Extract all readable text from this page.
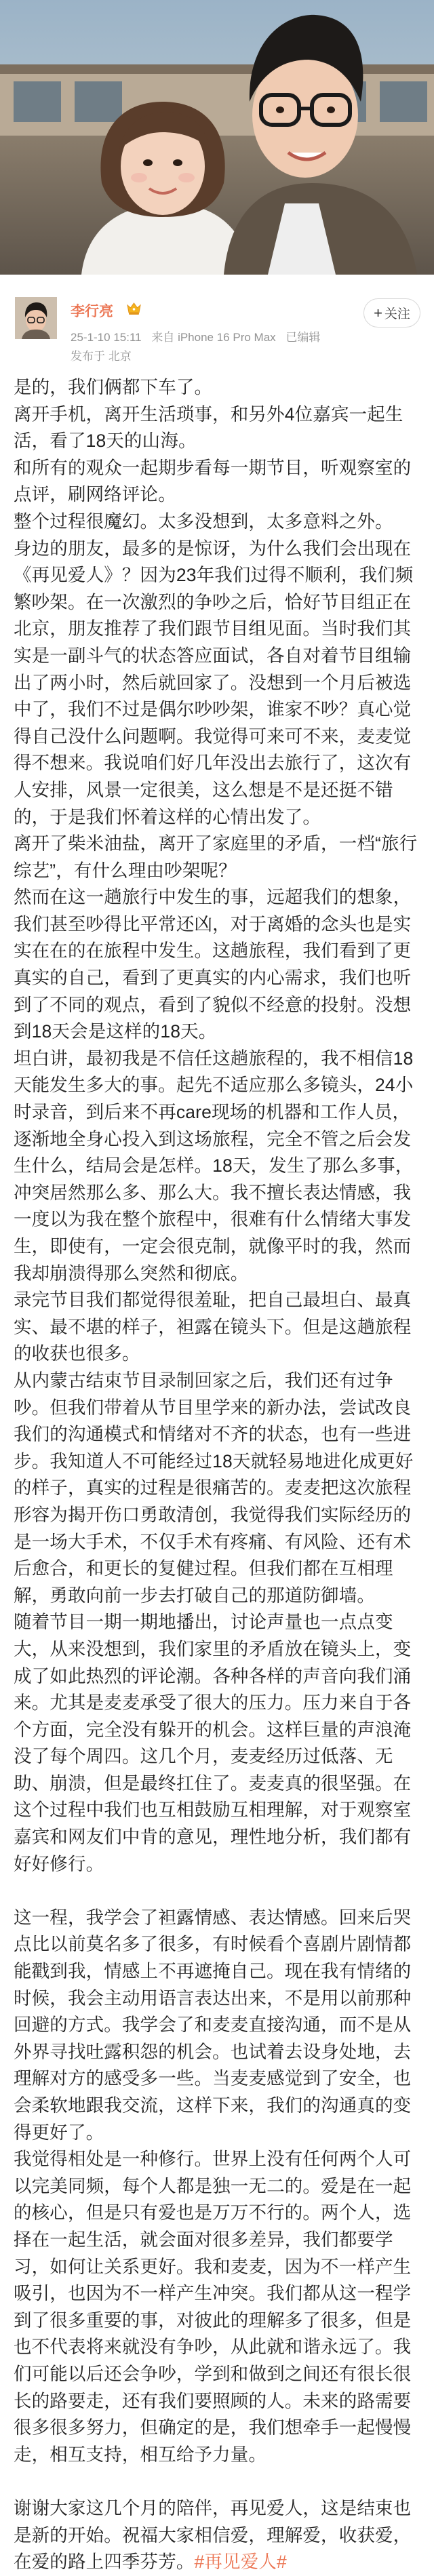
李行亮
25-1-10 15:11 来自 iPhone 16 Pro Max 已编辑
发布于 北京
+ 关注

是的，我们俩都下车了。

离开手机，离开生活琐事，和另外4位嘉宾一起生活，看了18天的山海。

和所有的观众一起期步看每一期节目，听观察室的点评，刷网络评论。

整个过程很魔幻。太多没想到，太多意料之外。

身边的朋友，最多的是惊讶，为什么我们会出现在《再见爱人》？因为23年我们过得不顺利，我们频繁吵架。在一次激烈的争吵之后，恰好节目组正在北京，朋友推荐了我们跟节目组见面。当时我们其实是一副斗气的状态答应面试，各自对着节目组输出了两小时，然后就回家了。没想到一个月后被选中了，我们不过是偶尔吵吵架，谁家不吵？真心觉得自己没什么问题啊。我觉得可来可不来，麦麦觉得不想来。我说咱们好几年没出去旅行了，这次有人安排，风景一定很美，这么想是不是还挺不错的，于是我们怀着这样的心情出发了。

离开了柴米油盐，离开了家庭里的矛盾，一档“旅行综艺”，有什么理由吵架呢？

然而在这一趟旅行中发生的事，远超我们的想象，我们甚至吵得比平常还凶，对于离婚的念头也是实实在在的在旅程中发生。这趟旅程，我们看到了更真实的自己，看到了更真实的内心需求，我们也听到了不同的观点，看到了貌似不经意的投射。没想到18天会是这样的18天。

坦白讲，最初我是不信任这趟旅程的，我不相信18天能发生多大的事。起先不适应那么多镜头，24小时录音，到后来不再care现场的机器和工作人员，逐渐地全身心投入到这场旅程，完全不管之后会发生什么，结局会是怎样。18天，发生了那么多事，冲突居然那么多、那么大。我不擅长表达情感，我一度以为我在整个旅程中，很难有什么情绪大事发生，即使有，一定会很克制，就像平时的我，然而我却崩溃得那么突然和彻底。

录完节目我们都觉得很羞耻，把自己最坦白、最真实、最不堪的样子，袒露在镜头下。但是这趟旅程的收获也很多。

从内蒙古结束节目录制回家之后，我们还有过争吵。但我们带着从节目里学来的新办法，尝试改良我们的沟通模式和情绪对不齐的状态，也有一些进步。我知道人不可能经过18天就轻易地进化成更好的样子，真实的过程是很痛苦的。麦麦把这次旅程形容为揭开伤口勇敢清创，我觉得我们实际经历的是一场大手术，不仅手术有疼痛、有风险、还有术后愈合，和更长的复健过程。但我们都在互相理解，勇敢向前一步去打破自己的那道防御墙。

随着节目一期一期地播出，讨论声量也一点点变大，从来没想到，我们家里的矛盾放在镜头上，变成了如此热烈的评论潮。各种各样的声音向我们涌来。尤其是麦麦承受了很大的压力。压力来自于各个方面，完全没有躲开的机会。这样巨量的声浪淹没了每个周四。这几个月，麦麦经历过低落、无助、崩溃，但是最终扛住了。麦麦真的很坚强。在这个过程中我们也互相鼓励互相理解，对于观察室嘉宾和网友们中肯的意见，理性地分析，我们都有好好修行。

这一程，我学会了袒露情感、表达情感。回来后哭点比以前莫名多了很多，有时候看个喜剧片剧情都能戳到我，情感上不再遮掩自己。现在我有情绪的时候，我会主动用语言表达出来，不是用以前那种回避的方式。我学会了和麦麦直接沟通，而不是从外界寻找吐露积怨的机会。也试着去设身处地，去理解对方的感受多一些。当麦麦感觉到了安全，也会柔软地跟我交流，这样下来，我们的沟通真的变得更好了。

我觉得相处是一种修行。世界上没有任何两个人可以完美同频，每个人都是独一无二的。爱是在一起的核心，但是只有爱也是万万不行的。两个人，选择在一起生活，就会面对很多差异，我们都要学习，如何让关系更好。我和麦麦，因为不一样产生吸引，也因为不一样产生冲突。我们都从这一程学到了很多重要的事，对彼此的理解多了很多，但是也不代表将来就没有争吵，从此就和谐永远了。我们可能以后还会争吵，学到和做到之间还有很长很长的路要走，还有我们要照顾的人。未来的路需要很多很多努力，但确定的是，我们想牵手一起慢慢走，相互支持，相互给予力量。

谢谢大家这几个月的陪伴，再见爱人，这是结束也是新的开始。祝福大家相信爱，理解爱，收获爱，在爱的路上四季芬芳。#再见爱人#
